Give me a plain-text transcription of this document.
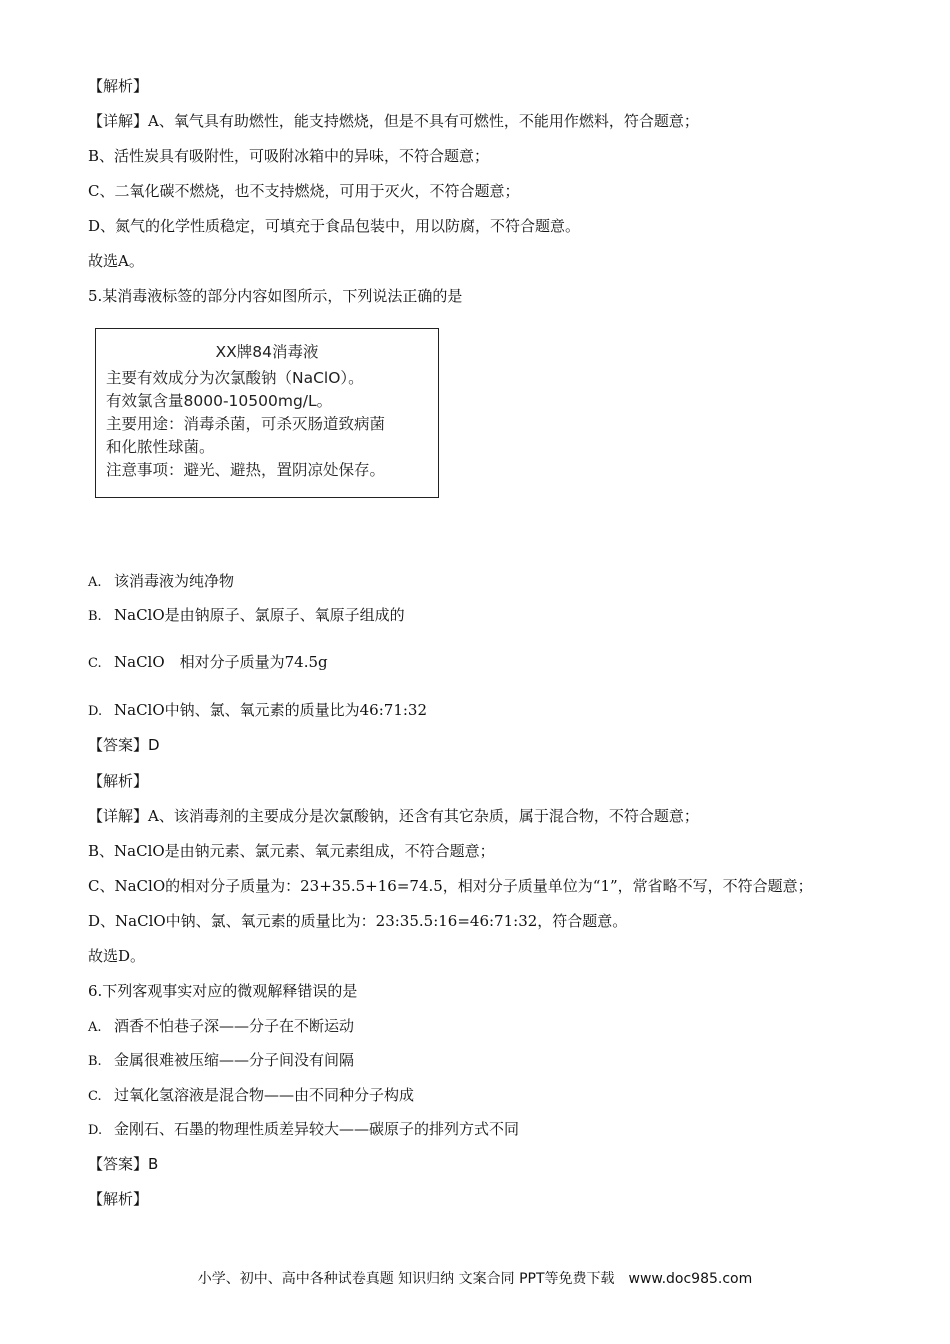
【解析】
【详解】A、氧气具有助燃性，能支持燃烧，但是不具有可燃性，不能用作燃料，符合题意；
B、活性炭具有吸附性，可吸附冰箱中的异味，不符合题意；
C、二氧化碳不燃烧，也不支持燃烧，可用于灭火，不符合题意；
D、氮气的化学性质稳定，可填充于食品包装中，用以防腐，不符合题意。
故选A。
5.某消毒液标签的部分内容如图所示，下列说法正确的是
XX牌84消毒液
主要有效成分为次氯酸钠（NaClO）。
有效氯含量8000-10500mg/L。
主要用途：消毒杀菌，可杀灭肠道致病菌
和化脓性球菌。
注意事项：避光、避热，置阴凉处保存。
A. 该消毒液为纯净物
B. NaClO是由钠原子、氯原子、氧原子组成的
C. NaClO　相对分子质量为74.5g
D. NaClO中钠、氯、氧元素的质量比为46:71:32
【答案】D
【解析】
【详解】A、该消毒剂的主要成分是次氯酸钠，还含有其它杂质，属于混合物，不符合题意；
B、NaClO是由钠元素、氯元素、氧元素组成，不符合题意；
C、NaClO的相对分子质量为：23+35.5+16=74.5，相对分子质量单位为“1”，常省略不写，不符合题意；
D、NaClO中钠、氯、氧元素的质量比为：23:35.5:16=46:71:32，符合题意。
故选D。
6.下列客观事实对应的微观解释错误的是
A. 酒香不怕巷子深——分子在不断运动
B. 金属很难被压缩——分子间没有间隔
C. 过氧化氢溶液是混合物——由不同种分子构成
D. 金刚石、石墨的物理性质差异较大——碳原子的排列方式不同
【答案】B
【解析】
小学、初中、高中各种试卷真题 知识归纳 文案合同 PPT等免费下载　www.doc985.com
